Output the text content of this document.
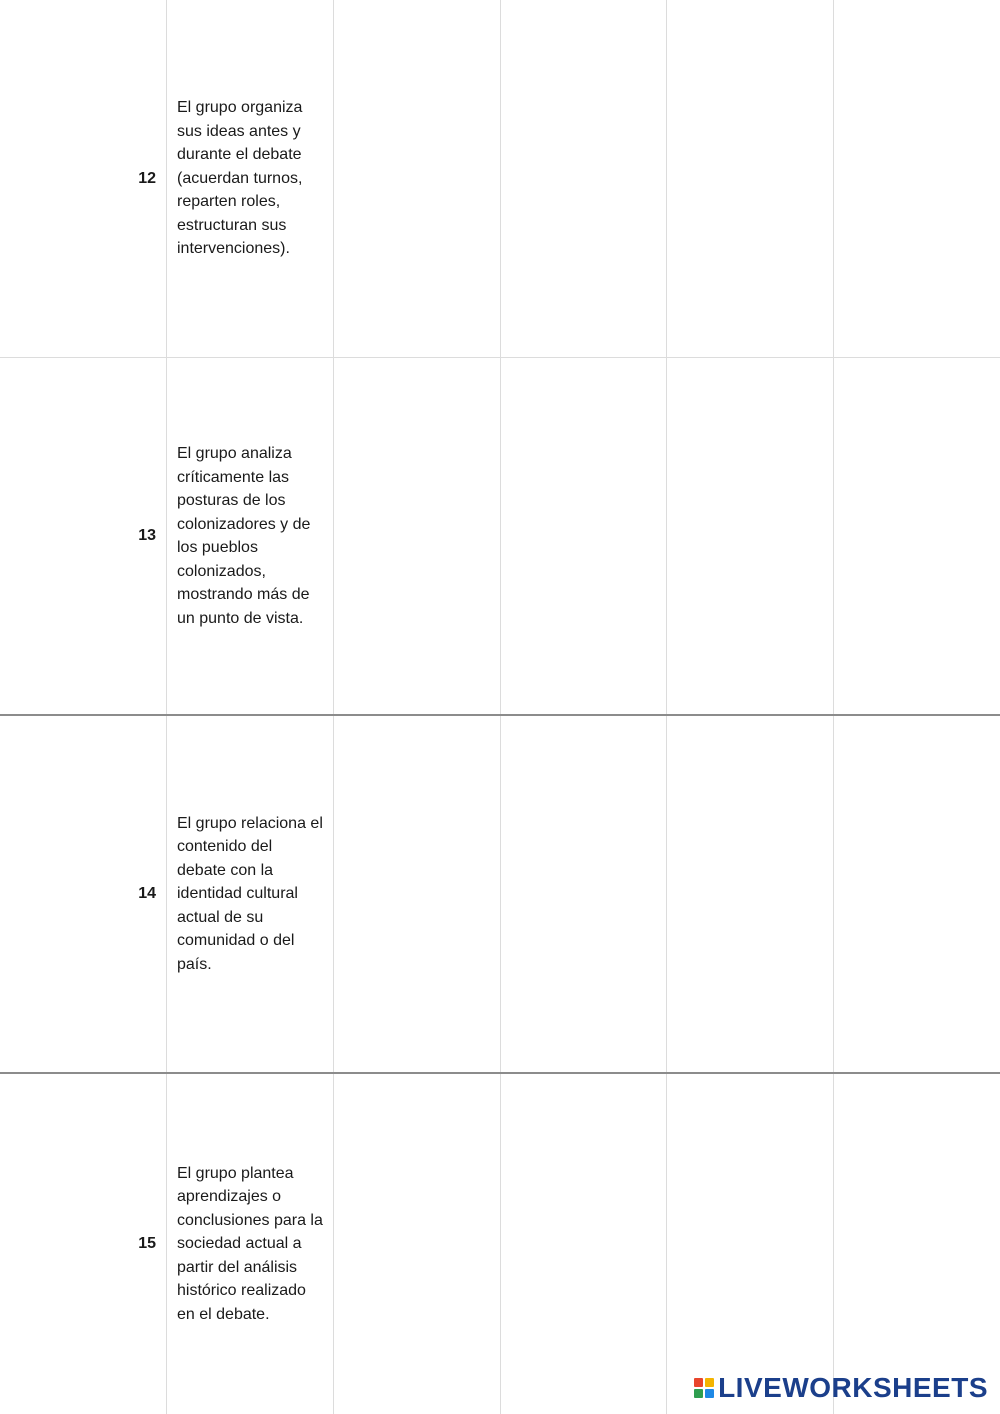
12
El grupo organiza sus ideas antes y durante el debate (acuerdan turnos, reparten roles, estructuran sus intervenciones).
13
El grupo analiza críticamente las posturas de los colonizadores y de los pueblos colonizados, mostrando más de un punto de vista.
14
El grupo relaciona el contenido del debate con la identidad cultural actual de su comunidad o del país.
15
El grupo plantea aprendizajes o conclusiones para la sociedad actual a partir del análisis histórico realizado en el debate.
LIVEWORKSHEETS
